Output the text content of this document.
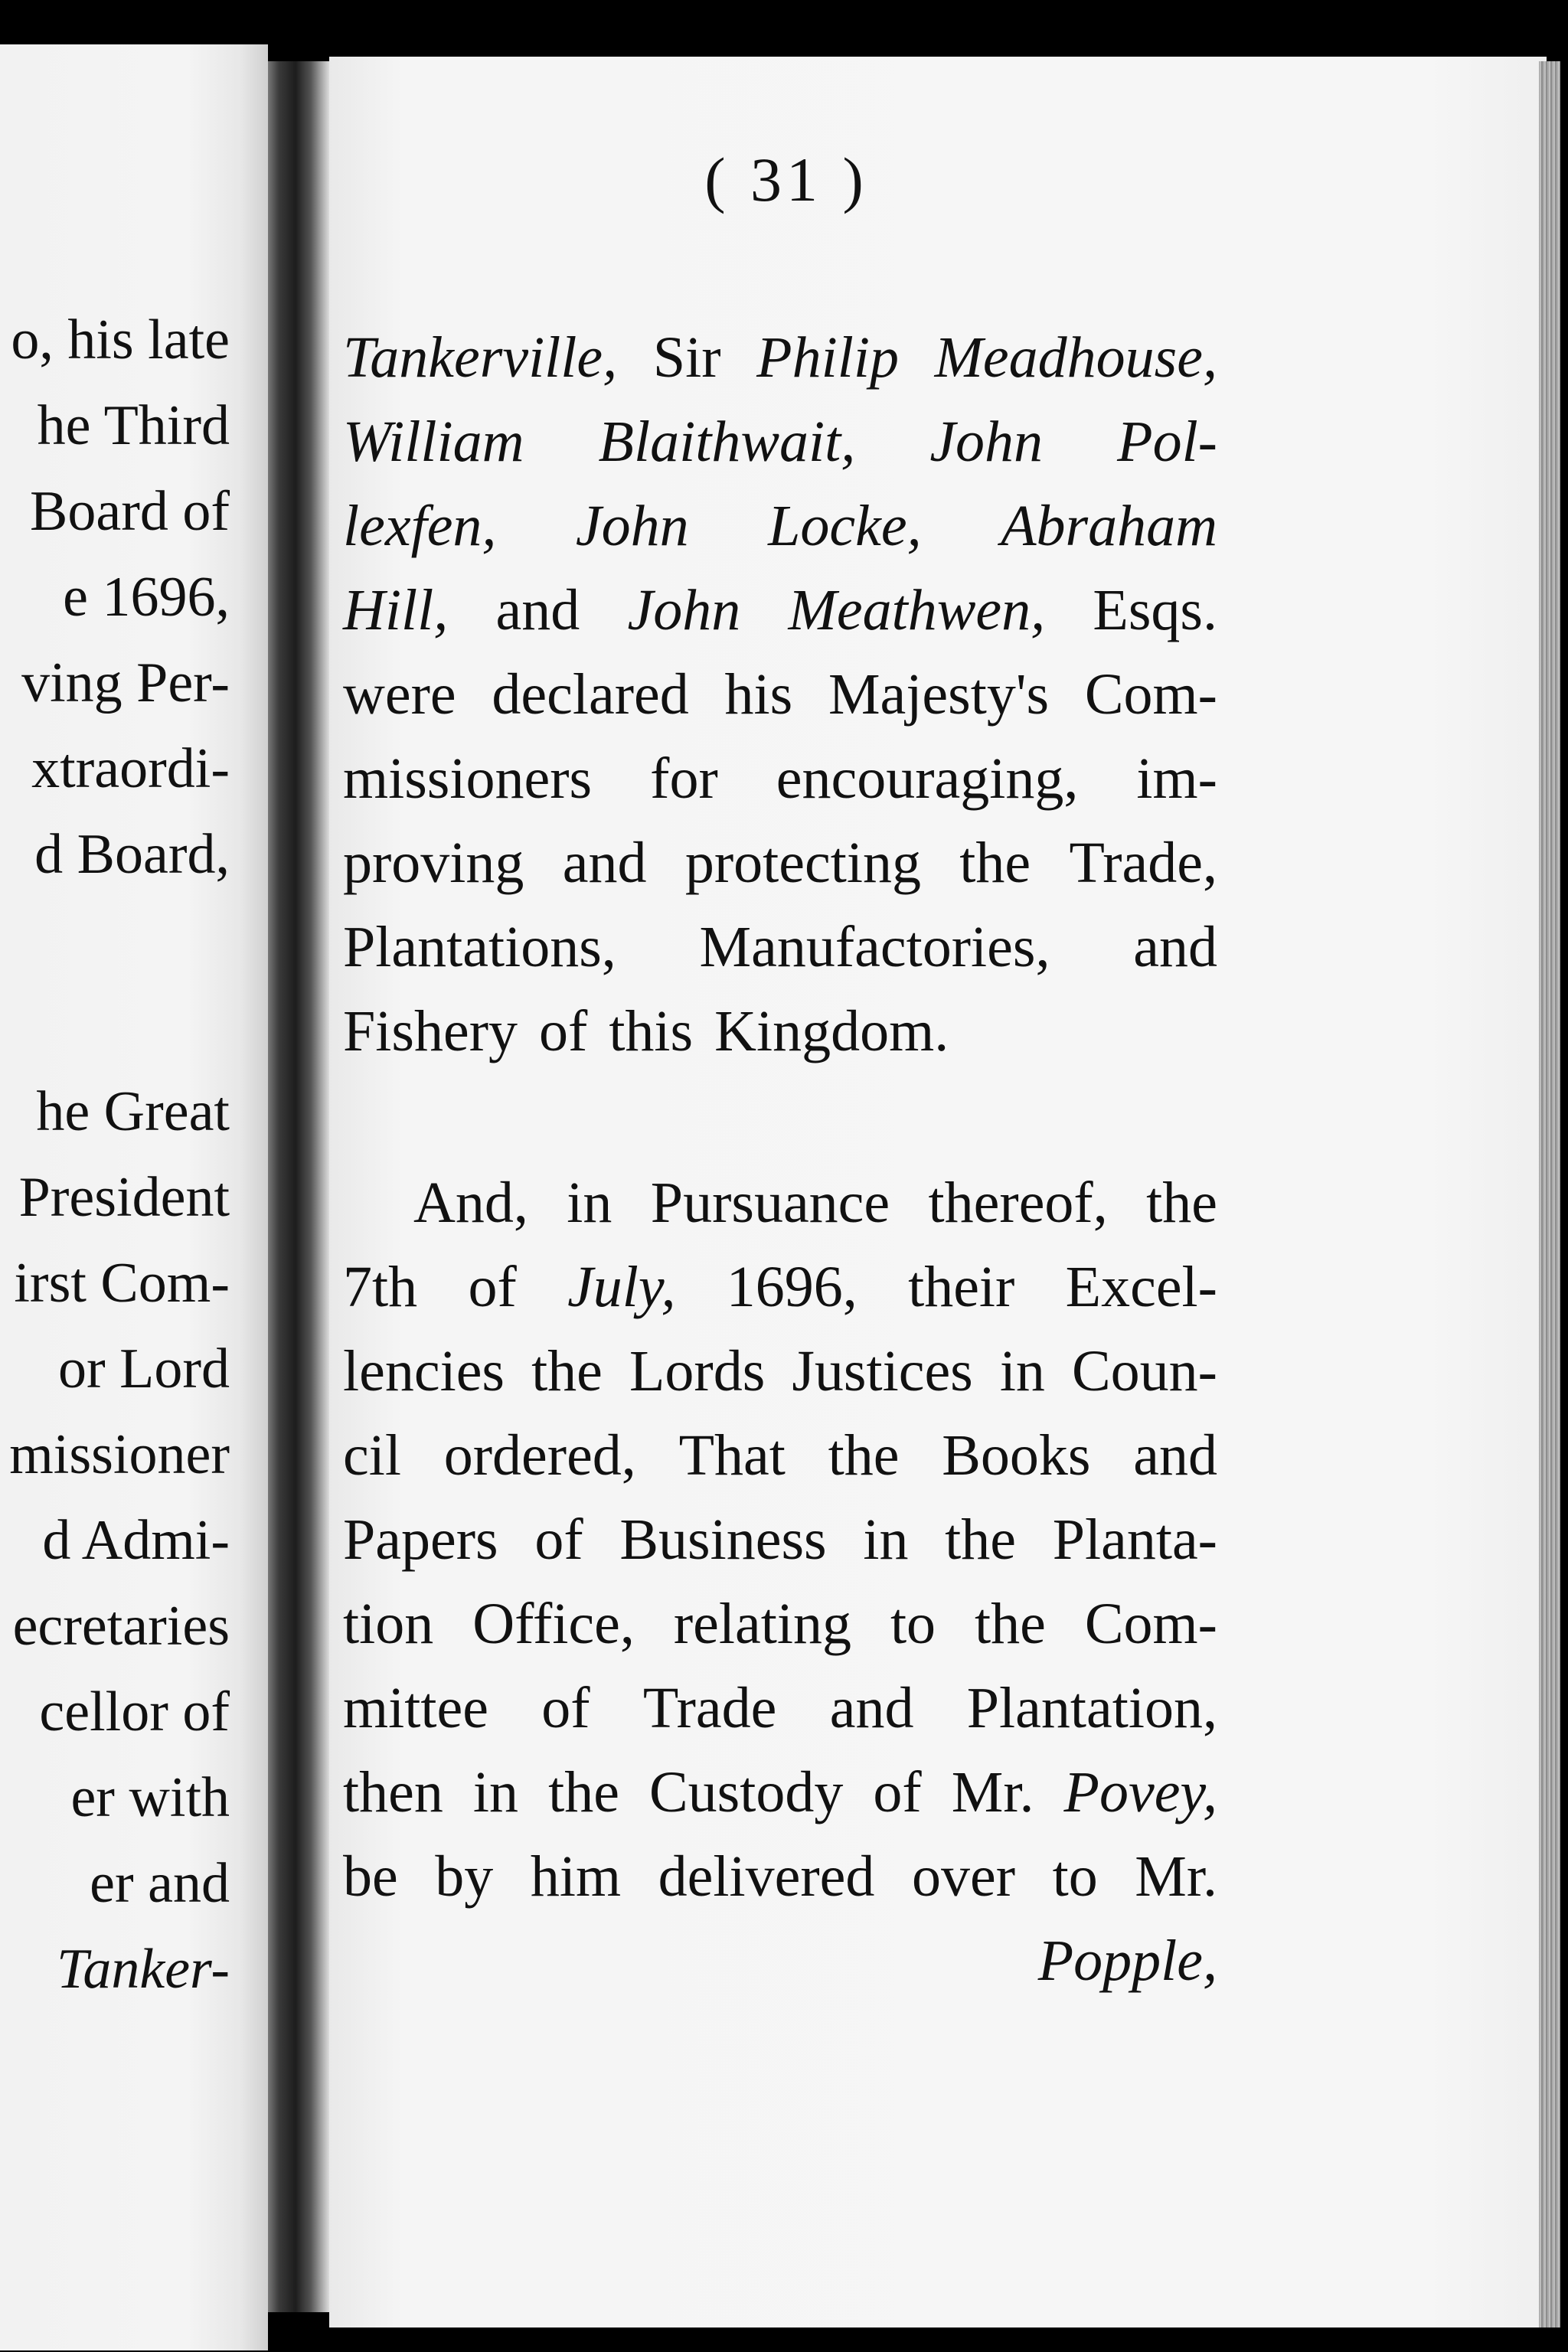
o, his late
he Third
Board of
e 1696,
ving Per-
xtraordi-
d Board,
he Great
President
irst Com-
or Lord
missioner
d Admi-
ecretaries
cellor of
er with
er and
Tanker-
( 31 )
Tankerville, Sir Philip Meadhouse,
William Blaithwait, John Pol-
lexfen, John Locke, Abraham
Hill, and John Meathwen, Esqs.
were declared his Majesty's Com-
missioners for encouraging, im-
proving and protecting the Trade,
Plantations, Manufactories, and
Fishery of this Kingdom.
And, in Pursuance thereof, the
7th of July, 1696, their Excel-
lencies the Lords Justices in Coun-
cil ordered, That the Books and
Papers of Business in the Planta-
tion Office, relating to the Com-
mittee of Trade and Plantation,
then in the Custody of Mr. Povey,
be by him delivered over to Mr.
Popple,
